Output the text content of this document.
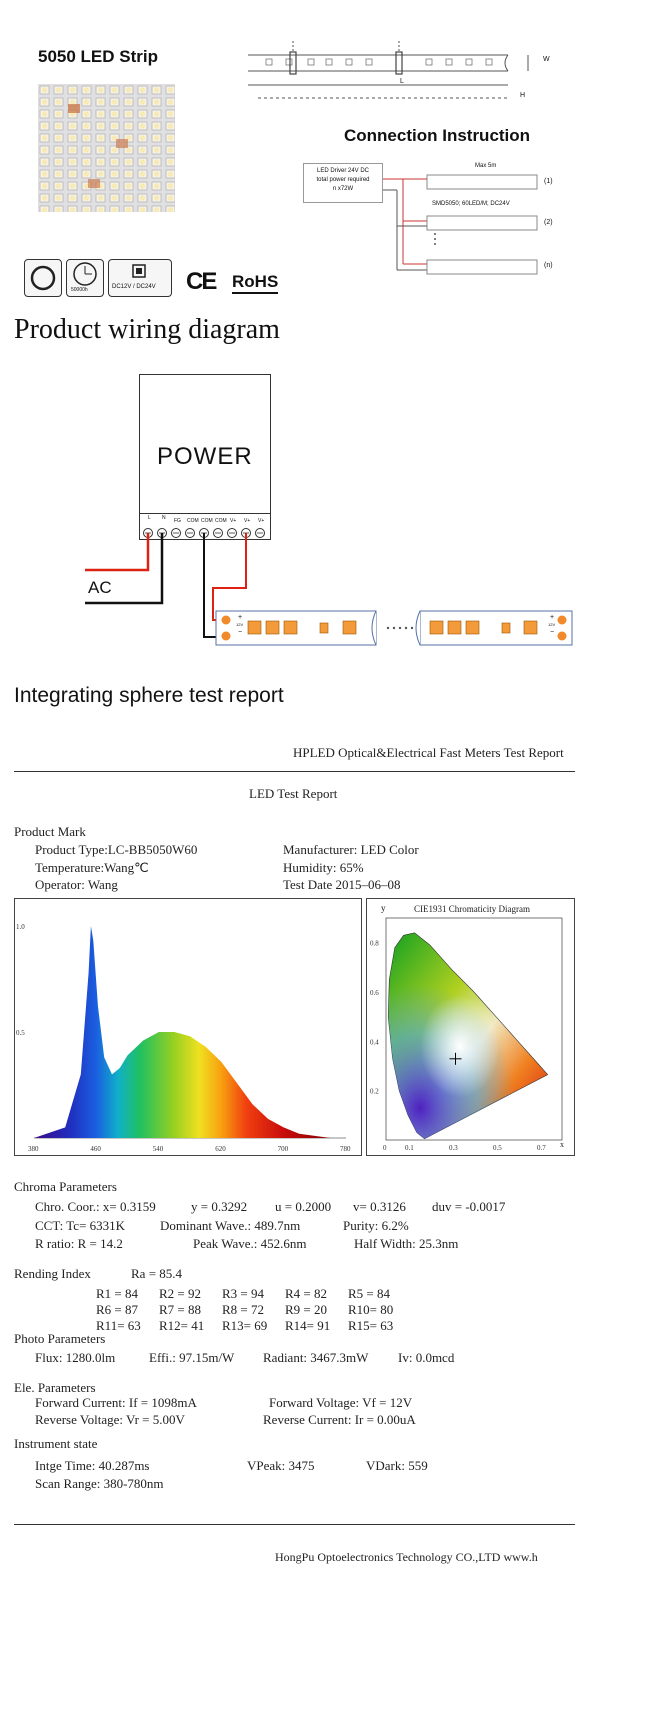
5050 LED Strip	W
L
H
Connection Instruction
LED Driver 24V DC
total power required
n x72W
Max 5m
SMD5050; 60LED/M; DC24V
(1)
(2)
(n)
50000h	DC12V / DC24V CE RoHS
Product wiring diagram
POWER
L N FG COM COM COM V+ V+ V+
+
−
12V
+
−
12V
AC
Integrating sphere test report
HPLED Optical&Electrical Fast Meters Test Report
LED Test Report
Product Mark
Product Type:LC-BB5050W60	Manufacturer: LED Color
Temperature:Wang℃	Humidity: 65%
Operator: Wang	Test Date 2015–06–08
380	460	540	620	700	780
1.0
0.5
y	CIE1931 Chromaticity Diagram
x
0	0.1	0.3	0.5	0.7
0.2
0.4
0.6
0.8
Chroma Parameters
Chro. Coor.: x= 0.3159	y = 0.3292 u = 0.2000 v= 0.3126 duv = -0.0017
CCT: Tc= 6331K	Dominant Wave.: 489.7nm	Purity: 6.2%
R ratio: R = 14.2	Peak Wave.: 452.6nm	Half Width: 25.3nm
Rending Index	Ra = 85.4
R1 = 84 R2 = 92 R3 = 94 R4 = 82 R5 = 84
R6 = 87 R7 = 88 R8 = 72 R9 = 20 R10= 80
R11= 63 R12= 41 R13= 69 R14= 91 R15= 63
Photo Parameters
Flux: 1280.0lm	Effi.: 97.15m/W Radiant: 3467.3mW Iv: 0.0mcd
Ele. Parameters
Forward Current: If = 1098mA	Forward Voltage: Vf = 12V
Reverse Voltage: Vr = 5.00V	Reverse Current: Ir = 0.00uA
Instrument state
Intge Time: 40.287ms	VPeak: 3475	VDark: 559
Scan Range: 380-780nm
HongPu Optoelectronics Technology CO.,LTD www.h
